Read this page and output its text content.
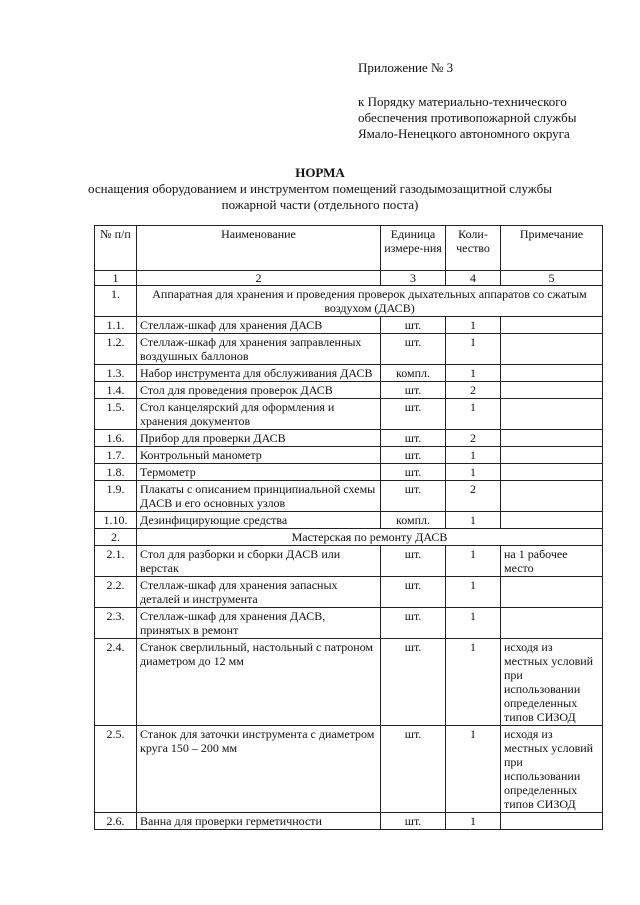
Приложение № 3
к Порядку материально-технического
обеспечения противопожарной службы
Ямало-Ненецкого автономного округа
НОРМА
оснащения оборудованием и инструментом помещений газодымозащитной службы
пожарной части (отдельного поста)
№ п/п	Наименование	Единица измере-ния	Коли-чество	Примечание
1	2	3	4	5
1.	Аппаратная для хранения и проведения проверок дыхательных аппаратов со сжатым воздухом (ДАСВ)			
1.1.	Стеллаж-шкаф для хранения ДАСВ	шт.	1	
1.2.	Стеллаж-шкаф для хранения заправленных воздушных баллонов	шт.	1	
1.3.	Набор инструмента для обслуживания ДАСВ	компл.	1	
1.4.	Стол для проведения проверок ДАСВ	шт.	2	
1.5.	Стол канцелярский для оформления и хранения документов	шт.	1	
1.6.	Прибор для проверки ДАСВ	шт.	2	
1.7.	Контрольный манометр	шт.	1	
1.8.	Термометр	шт.	1	
1.9.	Плакаты с описанием принципиальной схемы ДАСВ и его основных узлов	шт.	2	
1.10.	Дезинфицирующие средства	компл.	1	
2.	Мастерская по ремонту ДАСВ			
2.1.	Стол для разборки и сборки ДАСВ или верстак	шт.	1	на 1 рабочее место
2.2.	Стеллаж-шкаф для хранения запасных деталей и инструмента	шт.	1	
2.3.	Стеллаж-шкаф для хранения ДАСВ, принятых в ремонт	шт.	1	
2.4.	Станок сверлильный, настольный с патроном диаметром до 12 мм	шт.	1	исходя из местных условий при использовании определенных типов СИЗОД
2.5.	Станок для заточки инструмента с диаметром круга 150 – 200 мм	шт.	1	исходя из местных условий при использовании определенных типов СИЗОД
2.6.	Ванна для проверки герметичности	шт.	1	
